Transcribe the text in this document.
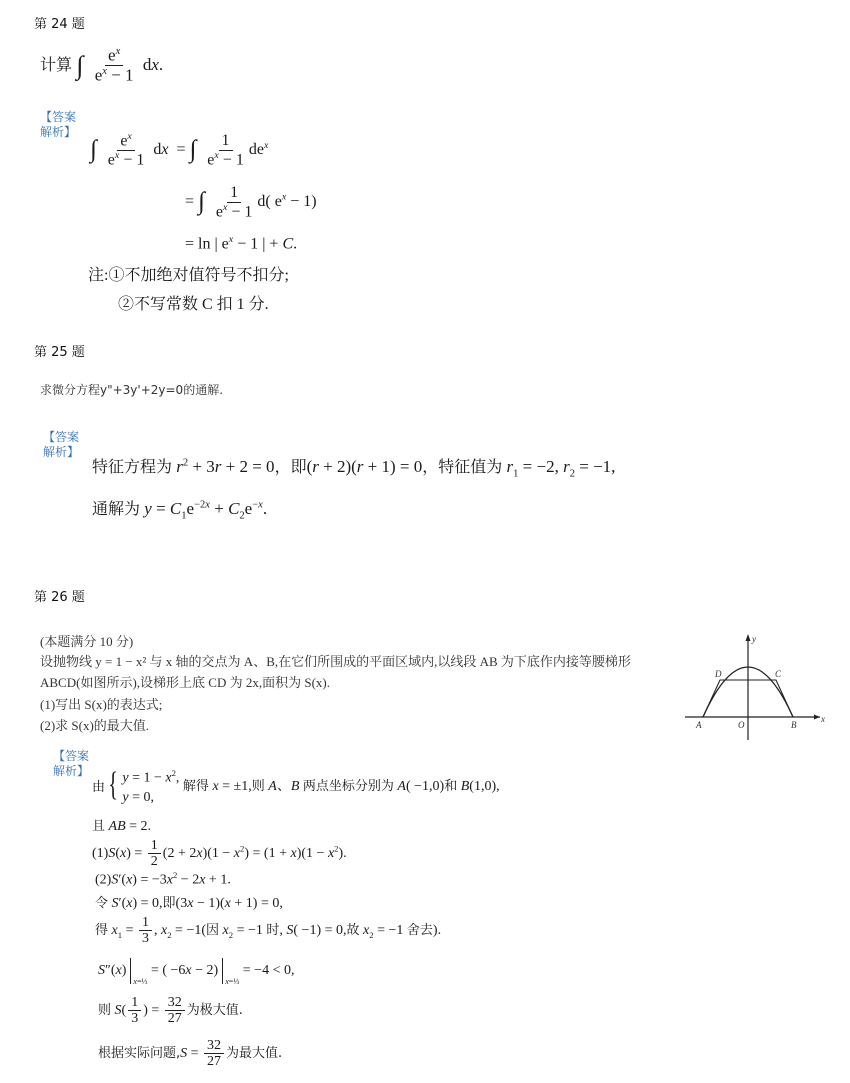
第 24 题
计算 ∫ $\frac{e^x}{e^x - 1}$ dx.
【答案解析】
∫ $\frac{e^x}{e^x - 1}$ dx  = ∫ $\frac{1}{e^x - 1} de^x$
= ∫ $\frac{1}{e^x - 1} d$( $e^x - 1$)
= ln | $e^x - 1$ | + C.
注:①不加绝对值符号不扣分;
②不写常数 C 扣 1 分.
第 25 题
求微分方程y"+3y'+2y=0的通解.
【答案解析】
特征方程为 $r^2 + 3r + 2 = 0$，即(r + 2)(r + 1) = 0，特征值为 $r_1 = -2$, $r_2 = -1$,
通解为 $y = C_1e^{-2x} + C_2e^{-x}$.
第 26 题
(本题满分 10 分)
设抛物线 y = 1 − x² 与 x 轴的交点为 A、B,在它们所围成的平面区域内,以线段 AB 为下底作内接等腰梯形
ABCD(如图所示),设梯形上底 CD 为 2x,面积为 S(x).
(1)写出 S(x)的表达式;
(2)求 S(x)的最大值.	A	B
C
D
O
x
y
【答案解析】
由 { $y = 1 - x^2$,
y = 0,
解得 x = ±1,则 A、B 两点坐标分别为 A( −1,0)和 B(1,0),
且 AB = 2.
$(1)S(x) = \frac{1}{2} (2 + 2x)(1 - x^2) = (1 + x)(1 - x^2)$.
$(2)S'(x) = -3x^2 - 2x + 1$.
令 S′(x) = 0,即(3x − 1)(x + 1) = 0,
得 $x_1 = \frac{1}{3}$ , $x_2 = -1$(因 $x_2 = -1$ 时, S( −1) = 0,故 $x_2 = -1$ 舍去).
$S''(x)_{x=\frac{1}{3}}$ = ( $-6x - 2)_{x=\frac{1}{3}} = -4 < 0$,
则 $S( \frac{1}{3}$ ) = $\frac{32}{27}$ 为极大值.
根据实际问题$,S = \frac{32}{27}$ 为最大值.
